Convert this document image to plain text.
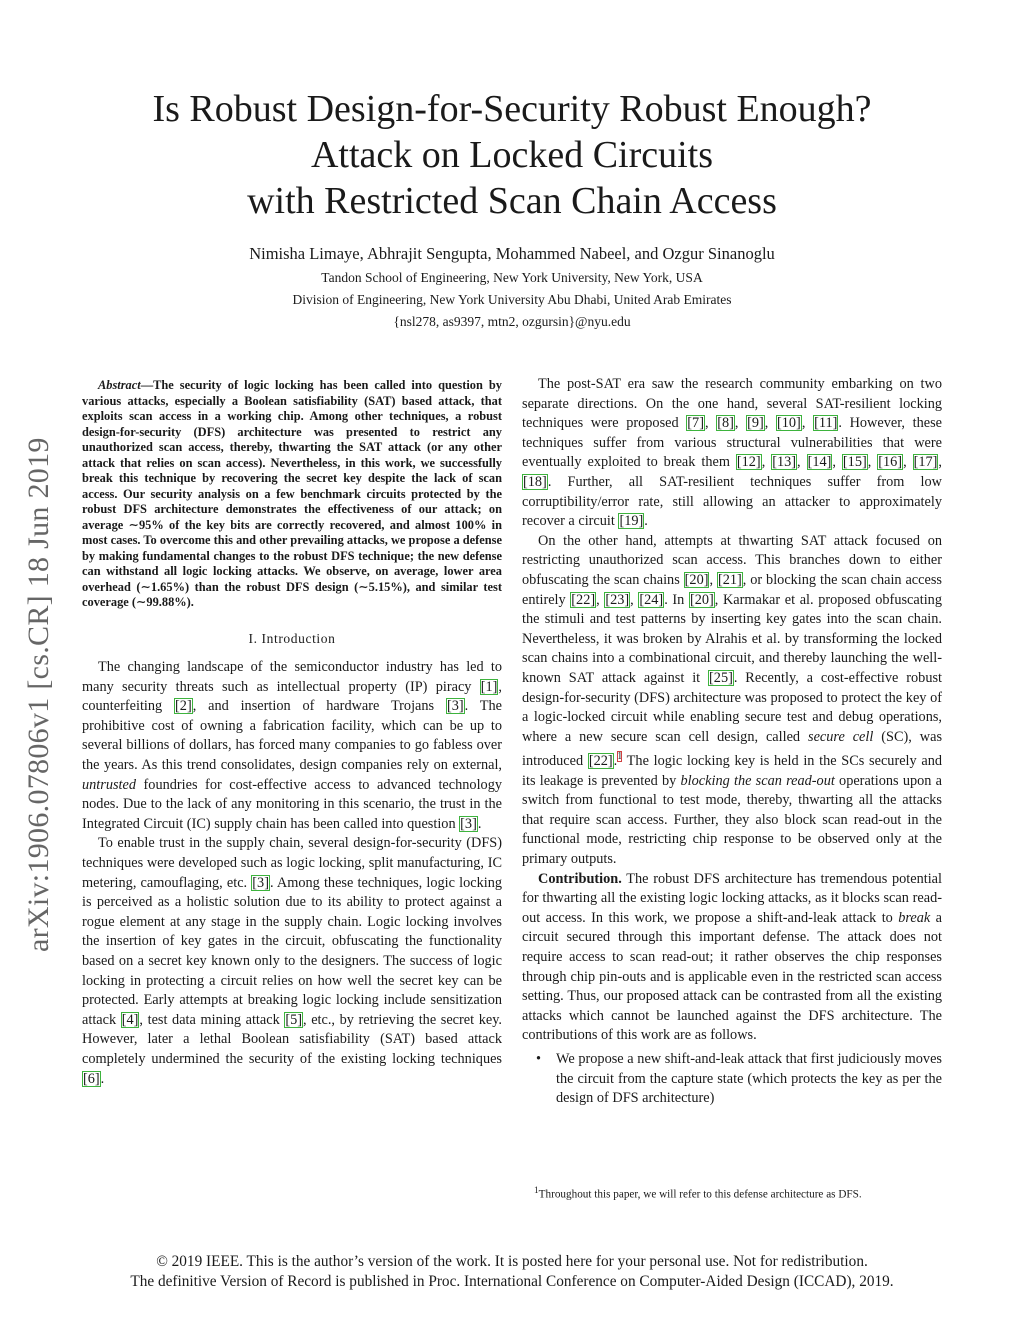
Is Robust Design-for-Security Robust Enough?
Attack on Locked Circuits
with Restricted Scan Chain Access
Nimisha Limaye, Abhrajit Sengupta, Mohammed Nabeel, and Ozgur Sinanoglu
Tandon School of Engineering, New York University, New York, USA
Division of Engineering, New York University Abu Dhabi, United Arab Emirates
{nsl278, as9397, mtn2, ozgursin}@nyu.edu
arXiv:1906.07806v1 [cs.CR] 18 Jun 2019

Abstract—The security of logic locking has been called into question by various attacks, especially a Boolean satisfiability (SAT) based attack, that exploits scan access in a working chip. Among other techniques, a robust design-for-security (DFS) architecture was presented to restrict any unauthorized scan access, thereby, thwarting the SAT attack (or any other attack that relies on scan access). Nevertheless, in this work, we successfully break this technique by recovering the secret key despite the lack of scan access. Our security analysis on a few benchmark circuits protected by the robust DFS architecture demonstrates the effectiveness of our attack; on average ∼95% of the key bits are correctly recovered, and almost 100% in most cases. To overcome this and other prevailing attacks, we propose a defense by making fundamental changes to the robust DFS technique; the new defense can withstand all logic locking attacks. We observe, on average, lower area overhead (∼1.65%) than the robust DFS design (∼5.15%), and similar test coverage (∼99.88%).

I. Introduction

The changing landscape of the semiconductor industry has led to many security threats such as intellectual property (IP) piracy [1], counterfeiting [2], and insertion of hardware Trojans [3]. The prohibitive cost of owning a fabrication facility, which can be up to several billions of dollars, has forced many companies to go fabless over the years. As this trend consolidates, design companies rely on external, untrusted foundries for cost-effective access to advanced technology nodes. Due to the lack of any monitoring in this scenario, the trust in the Integrated Circuit (IC) supply chain has been called into question [3].

To enable trust in the supply chain, several design-for-security (DFS) techniques were developed such as logic locking, split manufacturing, IC metering, camouflaging, etc. [3]. Among these techniques, logic locking is perceived as a holistic solution due to its ability to protect against a rogue element at any stage in the supply chain. Logic locking involves the insertion of key gates in the circuit, obfuscating the functionality based on a secret key known only to the designers. The success of logic locking in protecting a circuit relies on how well the secret key can be protected. Early attempts at breaking logic locking include sensitization attack [4], test data mining attack [5], etc., by retrieving the secret key. However, later a lethal Boolean satisfiability (SAT) based attack completely undermined the security of the existing locking techniques [6].

The post-SAT era saw the research community embarking on two separate directions. On the one hand, several SAT-resilient locking techniques were proposed [7], [8], [9], [10], [11]. However, these techniques suffer from various structural vulnerabilities that were eventually exploited to break them [12], [13], [14], [15], [16], [17], [18]. Further, all SAT-resilient techniques suffer from low corruptibility/error rate, still allowing an attacker to approximately recover a circuit [19].

On the other hand, attempts at thwarting SAT attack focused on restricting unauthorized scan access. This branches down to either obfuscating the scan chains [20], [21], or blocking the scan chain access entirely [22], [23], [24]. In [20], Karmakar et al. proposed obfuscating the stimuli and test patterns by inserting key gates into the scan chain. Nevertheless, it was broken by Alrahis et al. by transforming the locked scan chains into a combinational circuit, and thereby launching the well-known SAT attack against it [25]. Recently, a cost-effective robust design-for-security (DFS) architecture was proposed to protect the key of a logic-locked circuit while enabling secure test and debug operations, where a new secure scan cell design, called secure cell (SC), was introduced [22].$^1$ The logic locking key is held in the SCs securely and its leakage is prevented by blocking the scan read-out operations upon a switch from functional to test mode, thereby, thwarting all the attacks that require scan access. Further, they also block scan read-out in the functional mode, restricting chip response to be observed only at the primary outputs.

Contribution. The robust DFS architecture has tremendous potential for thwarting all the existing logic locking attacks, as it blocks scan read-out access. In this work, we propose a shift-and-leak attack to break a circuit secured through this important defense. The attack does not require access to scan read-out; it rather observes the chip responses through chip pin-outs and is applicable even in the restricted scan access setting. Thus, our proposed attack can be contrasted from all the existing attacks which cannot be launched against the DFS architecture. The contributions of this work are as follows.

• We propose a new shift-and-leak attack that first judiciously moves the circuit from the capture state (which protects the key as per the design of DFS architecture)
$^1$Throughout this paper, we will refer to this defense architecture as DFS.
© 2019 IEEE. This is the author’s version of the work. It is posted here for your personal use. Not for redistribution.
The definitive Version of Record is published in Proc. International Conference on Computer-Aided Design (ICCAD), 2019.
